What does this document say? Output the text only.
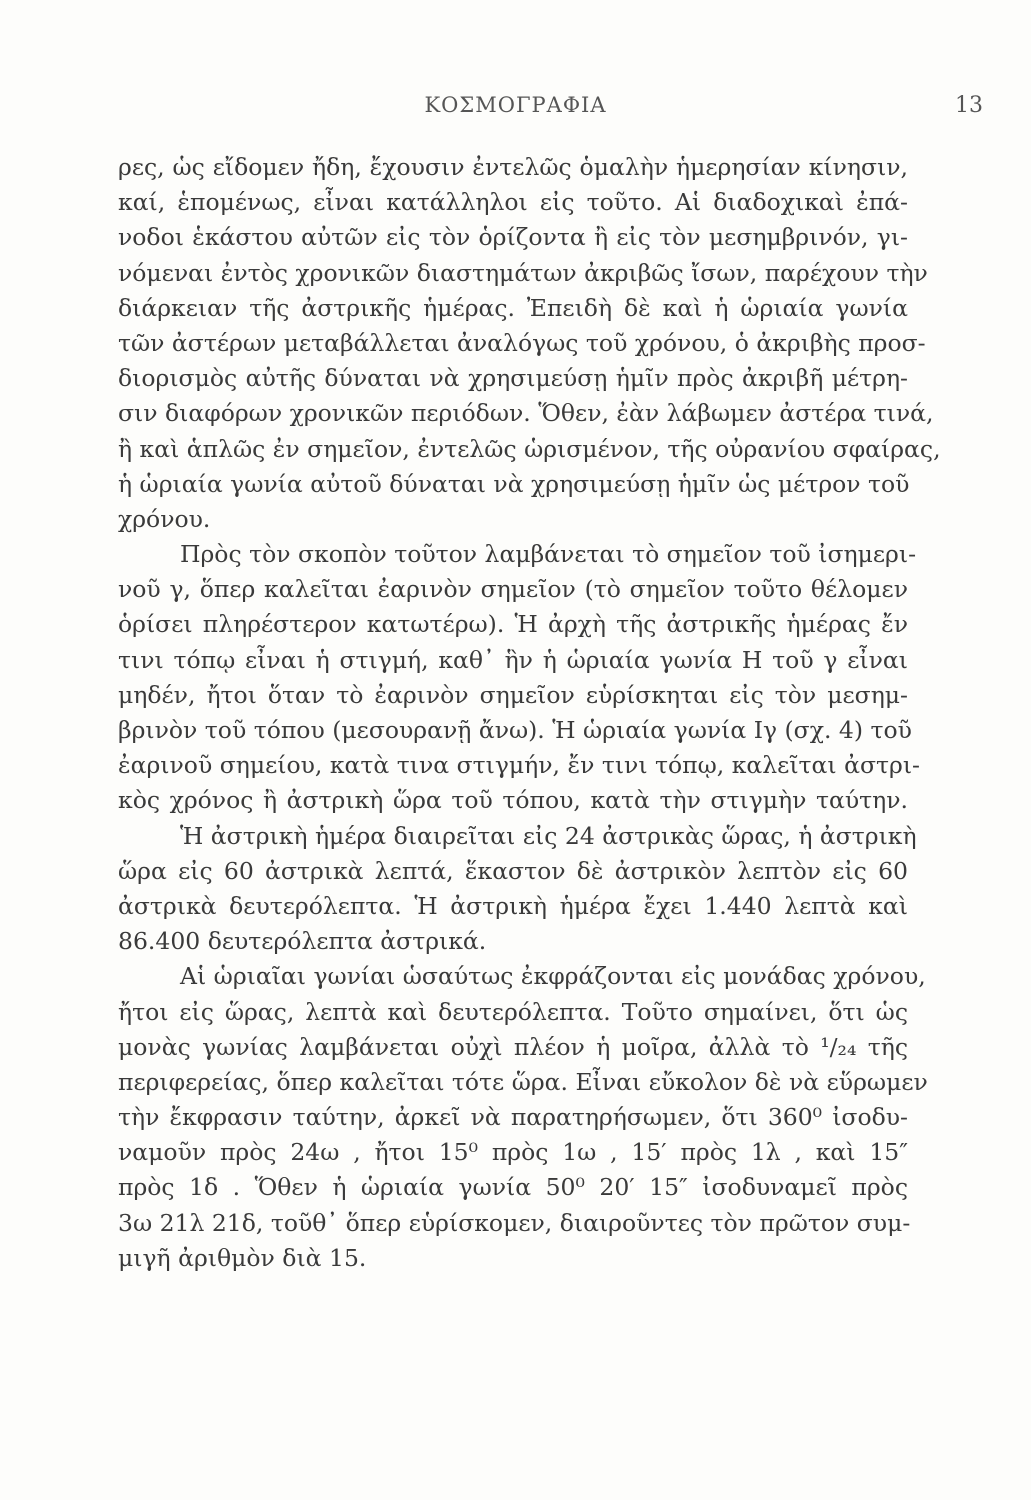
ΚΟΣΜΟΓΡΑΦΙΑ	13
ρες, ὡς εἴδομεν ἤδη, ἔχουσιν ἐντελῶς ὁμαλὴν ἡμερησίαν κίνησιν,
καί, ἑπομένως, εἶναι κατάλληλοι εἰς τοῦτο. Αἱ διαδοχικαὶ ἐπά-
νοδοι ἑκάστου αὐτῶν εἰς τὸν ὁρίζοντα ἢ εἰς τὸν μεσημβρινόν, γι-
νόμεναι ἐντὸς χρονικῶν διαστημάτων ἀκριβῶς ἴσων, παρέχουν τὴν
διάρκειαν τῆς ἀστρικῆς ἡμέρας. Ἐπειδὴ δὲ καὶ ἡ ὡριαία γωνία
τῶν ἀστέρων μεταβάλλεται ἀναλόγως τοῦ χρόνου, ὁ ἀκριβὴς προσ-
διορισμὸς αὐτῆς δύναται νὰ χρησιμεύσῃ ἡμῖν πρὸς ἀκριβῆ μέτρη-
σιν διαφόρων χρονικῶν περιόδων. Ὅθεν, ἐὰν λάβωμεν ἀστέρα τινά,
ἢ καὶ ἁπλῶς ἐν σημεῖον, ἐντελῶς ὡρισμένον, τῆς οὐρανίου σφαίρας,
ἡ ὡριαία γωνία αὐτοῦ δύναται νὰ χρησιμεύσῃ ἡμῖν ὡς μέτρον τοῦ
χρόνου.
Πρὸς τὸν σκοπὸν τοῦτον λαμβάνεται τὸ σημεῖον τοῦ ἰσημερι-
νοῦ γ, ὅπερ καλεῖται ἐαρινὸν σημεῖον (τὸ σημεῖον τοῦτο θέλομεν
ὁρίσει πληρέστερον κατωτέρω). Ἡ ἀρχὴ τῆς ἀστρικῆς ἡμέρας ἔν
τινι τόπῳ εἶναι ἡ στιγμή, καθ᾽ ἣν ἡ ὡριαία γωνία Η τοῦ γ εἶναι
μηδέν, ἤτοι ὅταν τὸ ἐαρινὸν σημεῖον εὑρίσκηται εἰς τὸν μεσημ-
βρινὸν τοῦ τόπου (μεσουρανῇ ἄνω). Ἡ ὡριαία γωνία Ιγ (σχ. 4) τοῦ
ἐαρινοῦ σημείου, κατὰ τινα στιγμήν, ἔν τινι τόπῳ, καλεῖται ἀστρι-
κὸς χρόνος ἢ ἀστρικὴ ὥρα τοῦ τόπου, κατὰ τὴν στιγμὴν ταύτην.
Ἡ ἀστρικὴ ἡμέρα διαιρεῖται εἰς 24 ἀστρικὰς ὥρας, ἡ ἀστρικὴ
ὥρα εἰς 60 ἀστρικὰ λεπτά, ἕκαστον δὲ ἀστρικὸν λεπτὸν εἰς 60
ἀστρικὰ δευτερόλεπτα. Ἡ ἀστρικὴ ἡμέρα ἔχει 1.440 λεπτὰ καὶ
86.400 δευτερόλεπτα ἀστρικά.
Αἱ ὡριαῖαι γωνίαι ὡσαύτως ἐκφράζονται εἰς μονάδας χρόνου,
ἤτοι εἰς ὥρας, λεπτὰ καὶ δευτερόλεπτα. Τοῦτο σημαίνει, ὅτι ὡς
μονὰς γωνίας λαμβάνεται οὐχὶ πλέον ἡ μοῖρα, ἀλλὰ τὸ ¹/₂₄ τῆς
περιφερείας, ὅπερ καλεῖται τότε ὥρα. Εἶναι εὔκολον δὲ νὰ εὕρωμεν
τὴν ἔκφρασιν ταύτην, ἀρκεῖ νὰ παρατηρήσωμεν, ὅτι 360⁰ ἰσοδυ-
ναμοῦν πρὸς 24ω , ἤτοι 15⁰ πρὸς 1ω , 15′ πρὸς 1λ , καὶ 15″
πρὸς 1δ . Ὅθεν ἡ ὡριαία γωνία 50⁰ 20′ 15″ ἰσοδυναμεῖ πρὸς
3ω 21λ 21δ, τοῦθ᾽ ὅπερ εὑρίσκομεν, διαιροῦντες τὸν πρῶτον συμ-
μιγῆ ἀριθμὸν διὰ 15.
